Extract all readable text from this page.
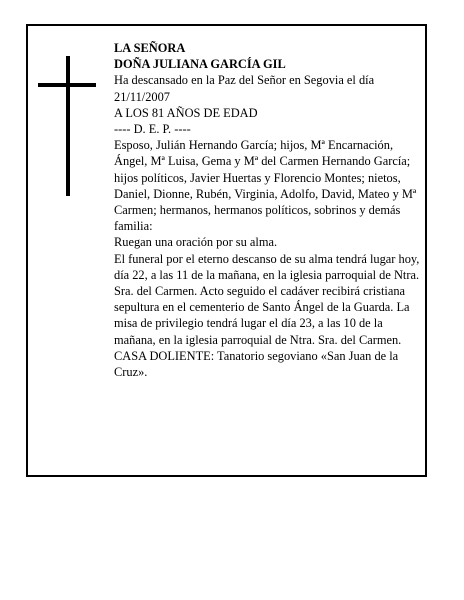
LA SEÑORA

DOÑA JULIANA GARCÍA GIL

Ha descansado en la Paz del Señor en Segovia el día 21/11/2007

A LOS 81 AÑOS DE EDAD

---- D. E. P. ----

Esposo, Julián Hernando García; hijos, Mª Encarnación, Ángel, Mª Luisa, Gema y Mª del Carmen Hernando García; hijos políticos, Javier Huertas y Florencio Montes; nietos, Daniel, Dionne, Rubén, Virginia, Adolfo, David, Mateo y Mª Carmen; hermanos, hermanos políticos, sobrinos y demás familia:

Ruegan una oración por su alma.

El funeral por el eterno descanso de su alma tendrá lugar hoy, día 22, a las 11 de la mañana, en la iglesia parroquial de Ntra. Sra. del Carmen. Acto seguido el cadáver recibirá cristiana sepultura en el cementerio de Santo Ángel de la Guarda. La misa de privilegio tendrá lugar el día 23, a las 10 de la mañana, en la iglesia parroquial de Ntra. Sra. del Carmen.

CASA DOLIENTE: Tanatorio segoviano «San Juan de la Cruz».
